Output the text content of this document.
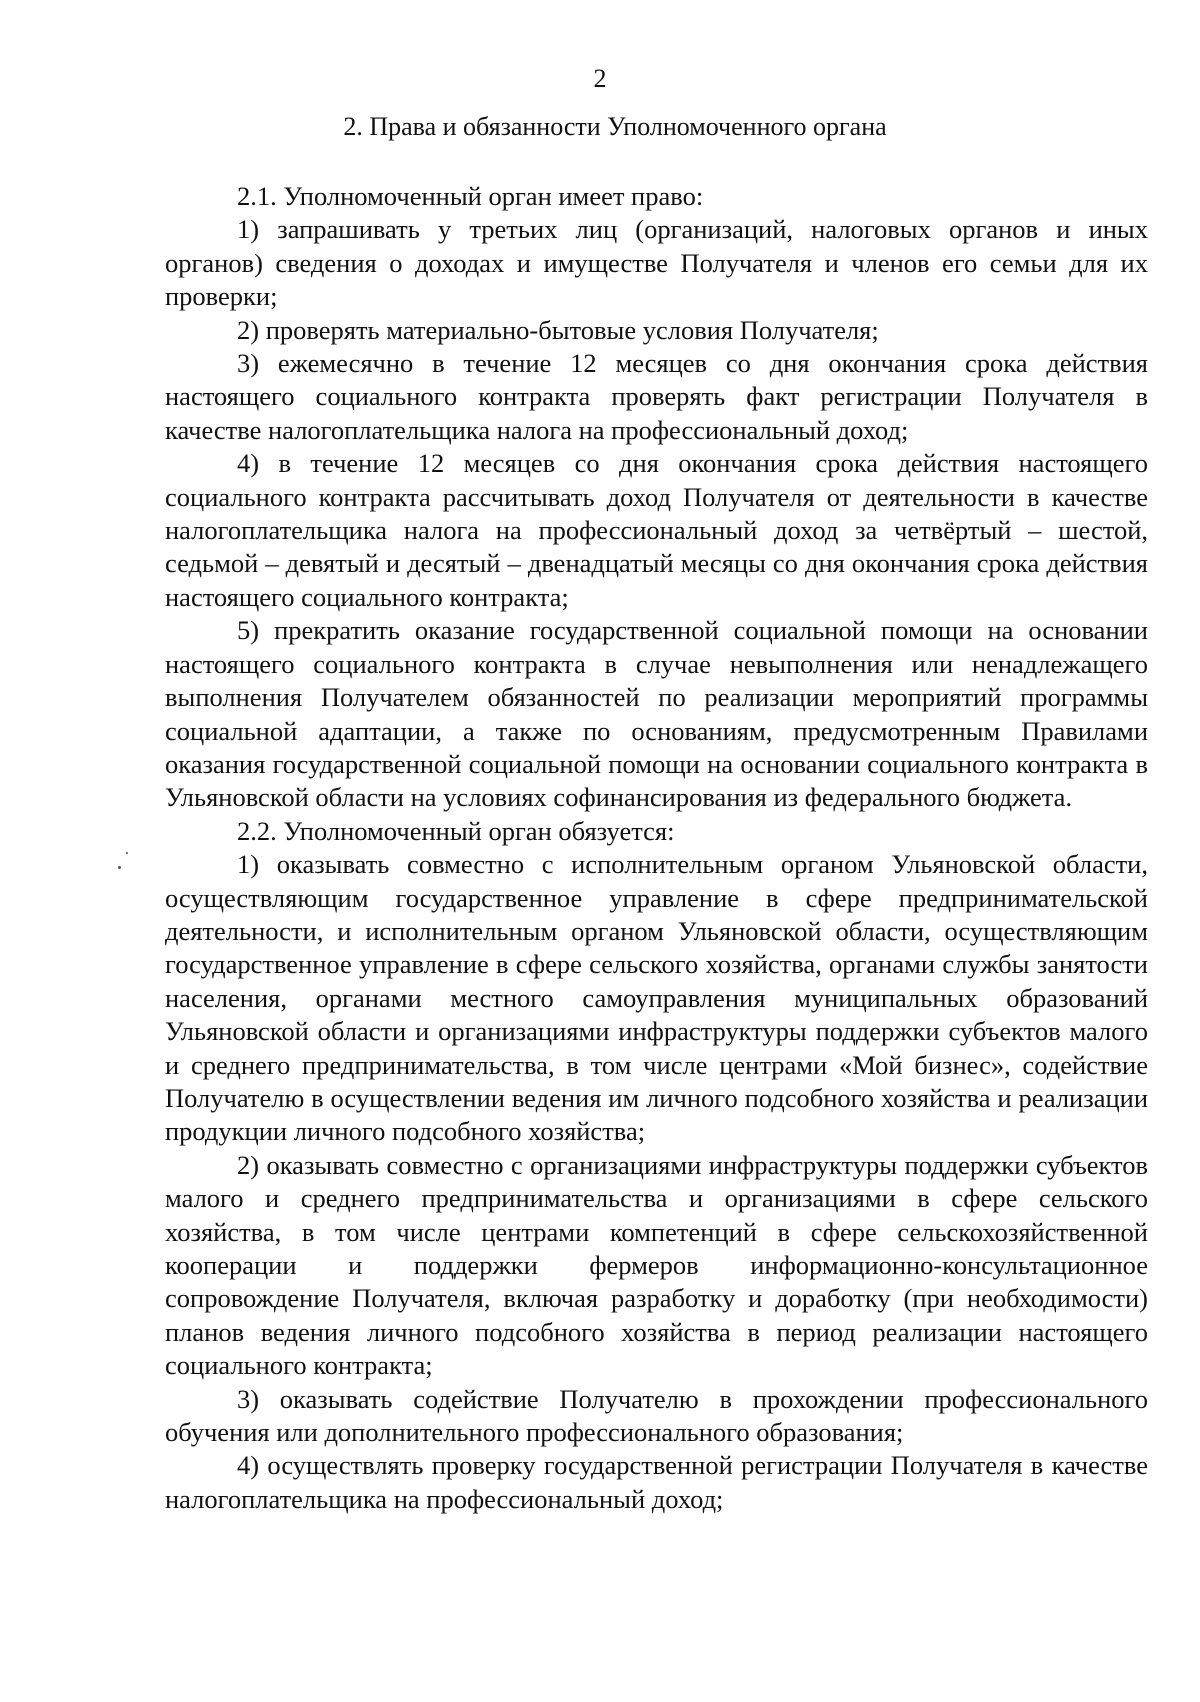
2
2. Права и обязанности Уполномоченного органа

2.1. Уполномоченный орган имеет право:

1) запрашивать у третьих лиц (организаций, налоговых органов и иных органов) сведения о доходах и имуществе Получателя и членов его семьи для их проверки;

2) проверять материально-бытовые условия Получателя;

3) ежемесячно в течение 12 месяцев со дня окончания срока действия настоящего социального контракта проверять факт регистрации Получателя в качестве налогоплательщика налога на профессиональный доход;

4) в течение 12 месяцев со дня окончания срока действия настоящего социального контракта рассчитывать доход Получателя от деятельности в качестве налогоплательщика налога на профессиональный доход за четвёртый – шестой, седьмой – девятый и десятый – двенадцатый месяцы со дня окончания срока действия настоящего социального контракта;

5) прекратить оказание государственной социальной помощи на основании настоящего социального контракта в случае невыполнения или ненадлежащего выполнения Получателем обязанностей по реализации мероприятий программы социальной адаптации, а также по основаниям, предусмотренным Правилами оказания государственной социальной помощи на основании социального контракта в Ульяновской области на условиях софинансирования из федерального бюджета.

2.2. Уполномоченный орган обязуется:

1) оказывать совместно с исполнительным органом Ульяновской области, осуществляющим государственное управление в сфере предпринимательской деятельности, и исполнительным органом Ульяновской области, осуществляющим государственное управление в сфере сельского хозяйства, органами службы занятости населения, органами местного самоуправления муниципальных образований Ульяновской области и организациями инфраструктуры поддержки субъектов малого и среднего предпринимательства, в том числе центрами «Мой бизнес», содействие Получателю в осуществлении ведения им личного подсобного хозяйства и реализации продукции личного подсобного хозяйства;

2) оказывать совместно с организациями инфраструктуры поддержки субъектов малого и среднего предпринимательства и организациями в сфере сельского хозяйства, в том числе центрами компетенций в сфере сельскохозяйственной кооперации и поддержки фермеров информационно-консультационное сопровождение Получателя, включая разработку и доработку (при необходимости) планов ведения личного подсобного хозяйства в период реализации настоящего социального контракта;

3) оказывать содействие Получателю в прохождении профессионального обучения или дополнительного профессионального образования;

4) осуществлять проверку государственной регистрации Получателя в качестве налогоплательщика на профессиональный доход;
